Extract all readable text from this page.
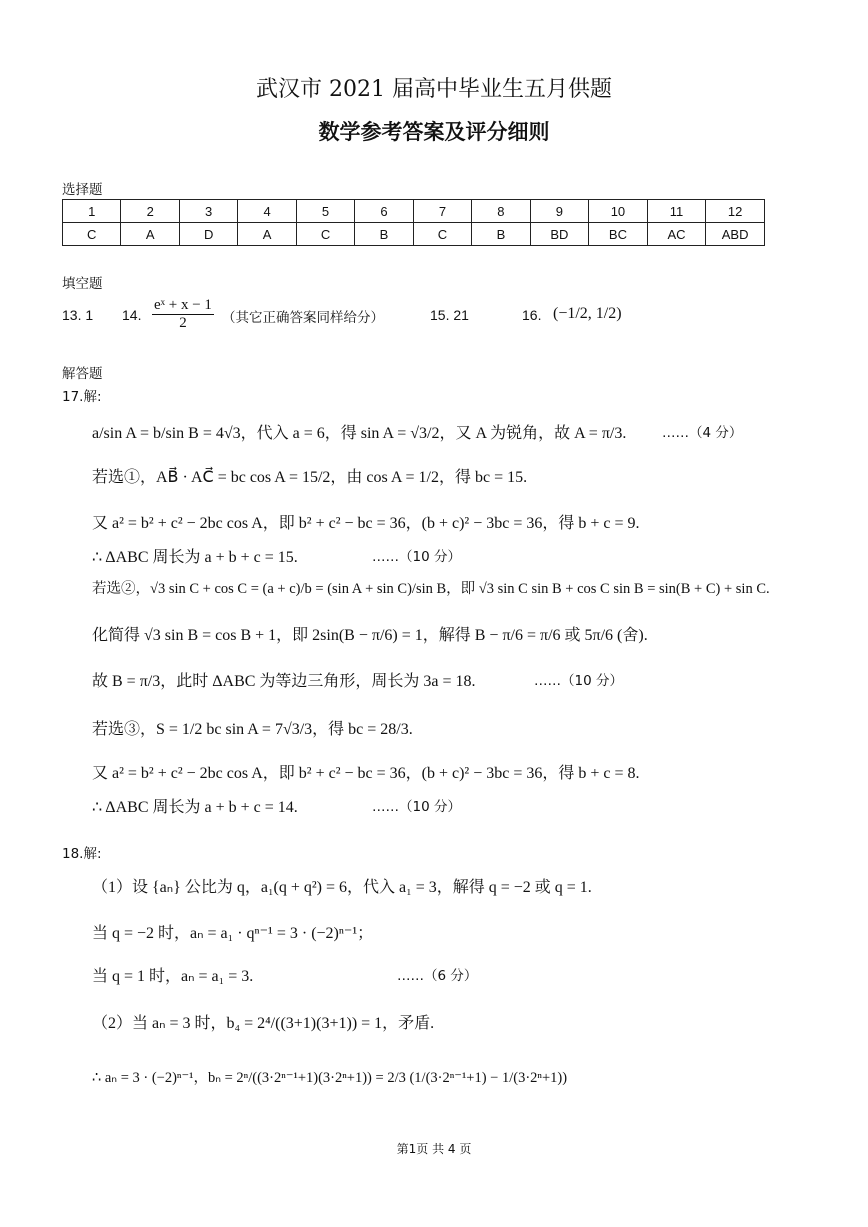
武汉市 2021 届高中毕业生五月供题
数学参考答案及评分细则
选择题
1	2	3	4	5	6	7	8	9	10	11	12
C	A	D	A	C	B	C	B	BD	BC	AC	ABD
填空题
13. 1 14. $\frac{\text{eˣ + x − 1}}{2}$ （其它正确答案同样给分）	15. 21	16. (−1/2, 1/2)
解答题
17.解:
a/sin A = b/sin B = 4√3，代入 a = 6，得 sin A = √3/2，又 A 为锐角，故 A = π/3.	……（4 分）
若选①，AB⃗ · AC⃗ = bc cos A = 15/2，由 cos A = 1/2，得 bc = 15.
又 a² = b² + c² − 2bc cos A，即 b² + c² − bc = 36，(b + c)² − 3bc = 36，得 b + c = 9.
∴ ΔABC 周长为 a + b + c = 15.	……（10 分）
若选②，√3 sin C + cos C = (a + c)/b = (sin A + sin C)/sin B，即 √3 sin C sin B + cos C sin B = sin(B + C) + sin C.
化简得 √3 sin B = cos B + 1，即 2sin(B − π/6) = 1，解得 B − π/6 = π/6 或 5π/6 (舍).
故 B = π/3，此时 ΔABC 为等边三角形，周长为 3a = 18.	……（10 分）
若选③，S = 1/2 bc sin A = 7√3/3，得 bc = 28/3.
又 a² = b² + c² − 2bc cos A，即 b² + c² − bc = 36，(b + c)² − 3bc = 36，得 b + c = 8.
∴ ΔABC 周长为 a + b + c = 14.	……（10 分）
18.解:
（1）设 {aₙ} 公比为 q，a₁(q + q²) = 6，代入 a₁ = 3，解得 q = −2 或 q = 1.
当 q = −2 时，aₙ = a₁ · qⁿ⁻¹ = 3 · (−2)ⁿ⁻¹；
当 q = 1 时，aₙ = a₁ = 3.	……（6 分）
（2）当 aₙ = 3 时，b₄ = 2⁴/((3+1)(3+1)) = 1，矛盾.
∴ aₙ = 3 · (−2)ⁿ⁻¹，bₙ = 2ⁿ/((3·2ⁿ⁻¹+1)(3·2ⁿ+1)) = 2/3 (1/(3·2ⁿ⁻¹+1) − 1/(3·2ⁿ+1))
第1页 共 4 页
